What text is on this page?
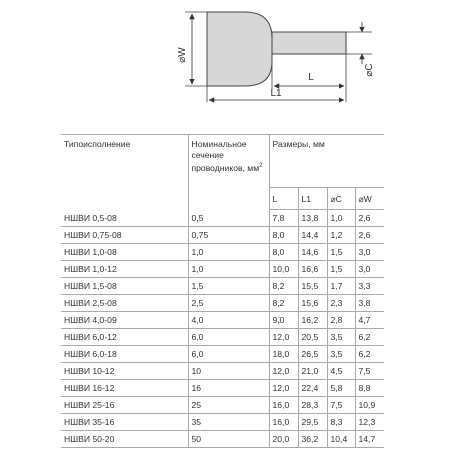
⌀W
⌀C
L
L1
Типоисполнение	Номинальное сечение проводников, $мм^2$	Размеры, мм			
		L	L1	⌀C	⌀W
НШВИ 0,5-08	0,5	7,8	13,8	1,0	2,6
НШВИ 0,75-08	0,75	8,0	14,4	1,2	2,6
НШВИ 1,0-08	1,0	8,0	14,6	1,5	3,0
НШВИ 1,0-12	1,0	10,0	16,6	1,5	3,0
НШВИ 1,5-08	1,5	8,2	15,5	1,7	3,3
НШВИ 2,5-08	2,5	8,2	15,6	2,3	3,8
НШВИ 4,0-09	4,0	9,0	16,2	2,8	4,7
НШВИ 6,0-12	6,0	12,0	20,5	3,5	6,2
НШВИ 6,0-18	6,0	18,0	26,5	3,5	6,2
НШВИ 10-12	10	12,0	21,0	4,5	7,5
НШВИ 16-12	16	12,0	22,4	5,8	8,8
НШВИ 25-16	25	16,0	28,3	7,5	10,9
НШВИ 35-16	35	16,0	29,5	8,3	12,3
НШВИ 50-20	50	20,0	36,2	10,4	14,7
